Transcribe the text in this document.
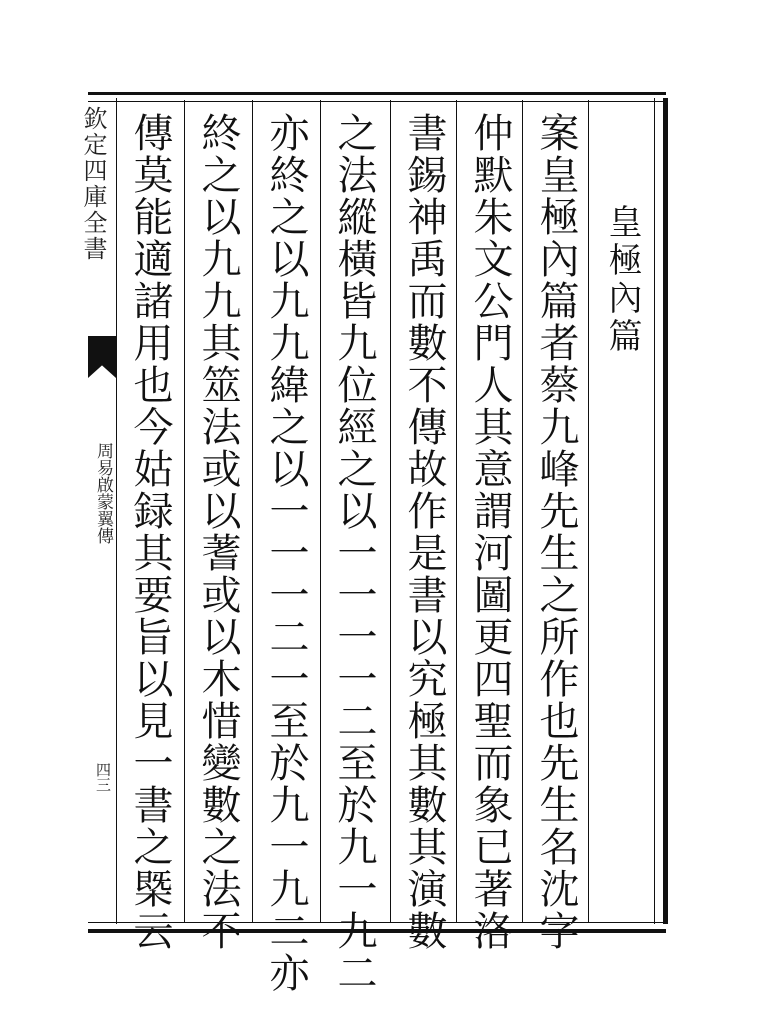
欽定四庫全書
周易啟蒙翼傳
四三
皇極內篇
案皇極內篇者蔡九峰先生之所作也先生名沈字
仲默朱文公門人其意謂河圖更四聖而象已著洛
書錫神禹而數不傳故作是書以究極其數其演數
之法縱橫皆九位經之以一一一一二至於九一九二
亦終之以九九緯之以一一一二一至於九一九二亦
終之以九九其筮法或以蓍或以木惜變數之法不
傳莫能適諸用也今姑録其要旨以見一書之槩云
